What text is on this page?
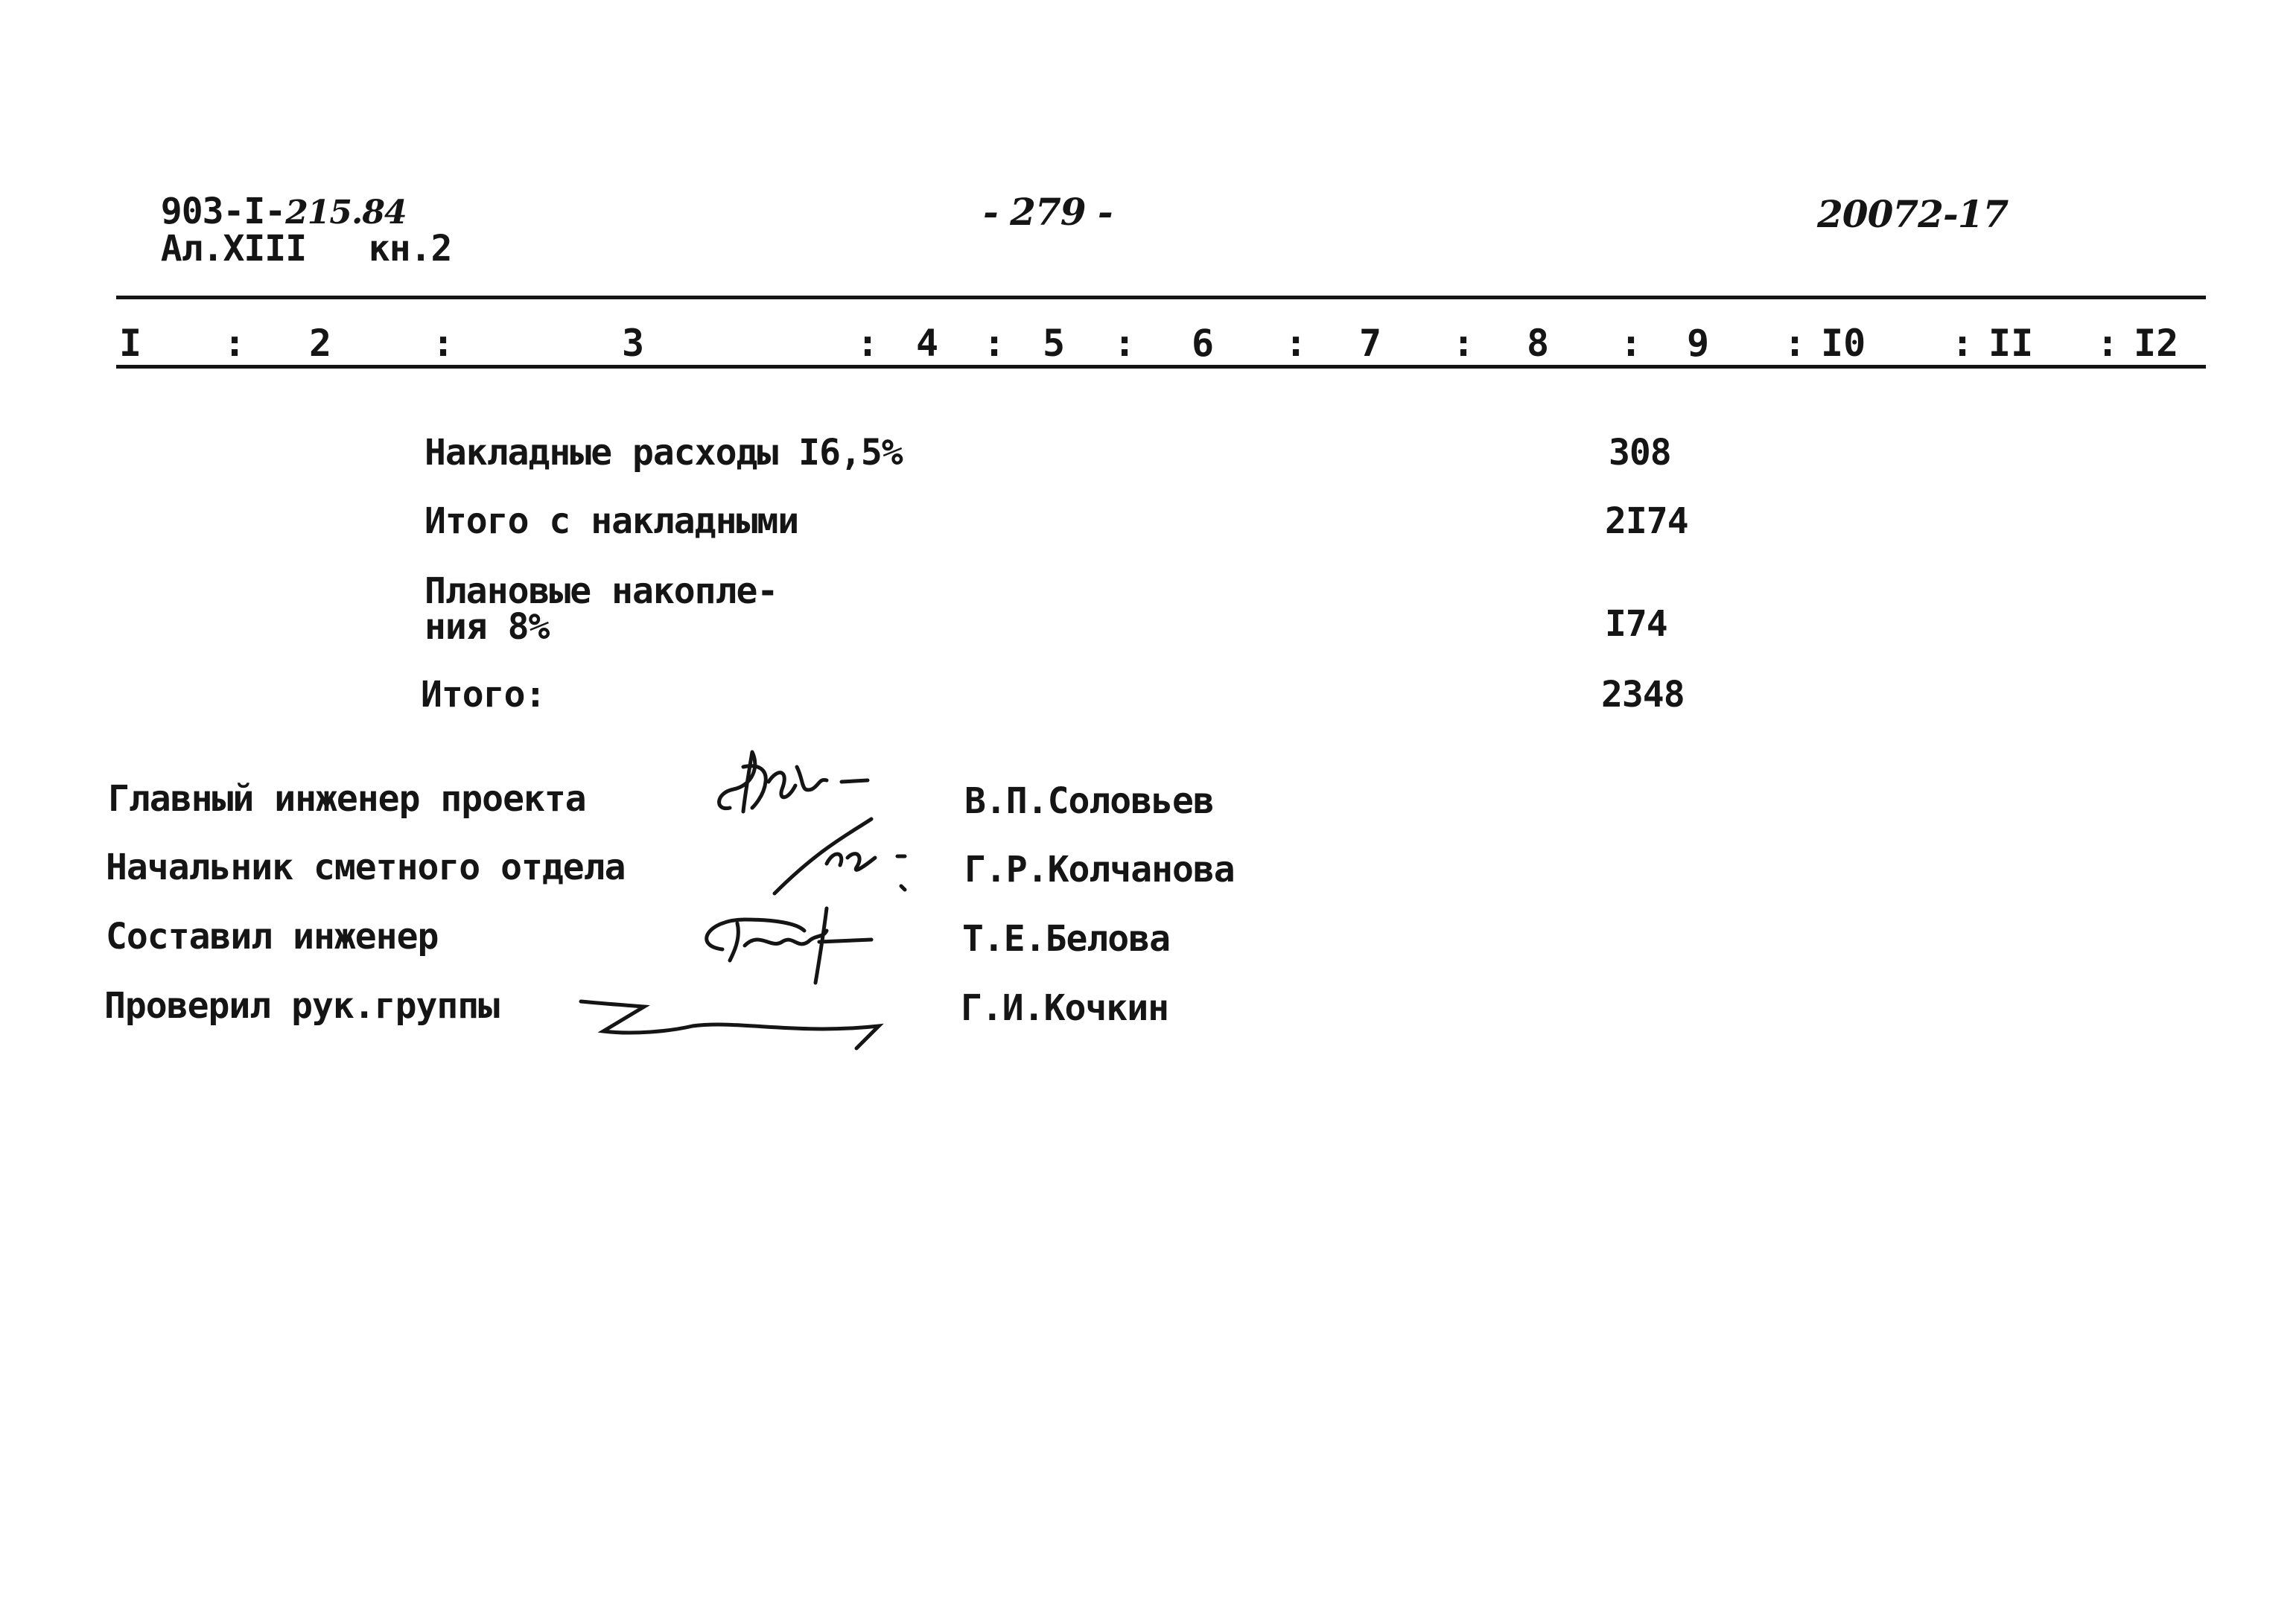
903-I-215.84

Ал.XIII кн.2

- 279 -	20072-17
I : 2	:	3	: 4 : 5 : 6 : 7 : 8 : 9 : I0 : II : I2
Накладные расходы I6,5%	308
Итого с накладными	2I74
Плановые накопле-
ния 8%	I74
Итого:	2348
Главный инженер проекта	В.П.Соловьев
Начальник сметного отдела	Г.Р.Колчанова
Составил инженер	Т.Е.Белова
Проверил рук.группы	Г.И.Кочкин
